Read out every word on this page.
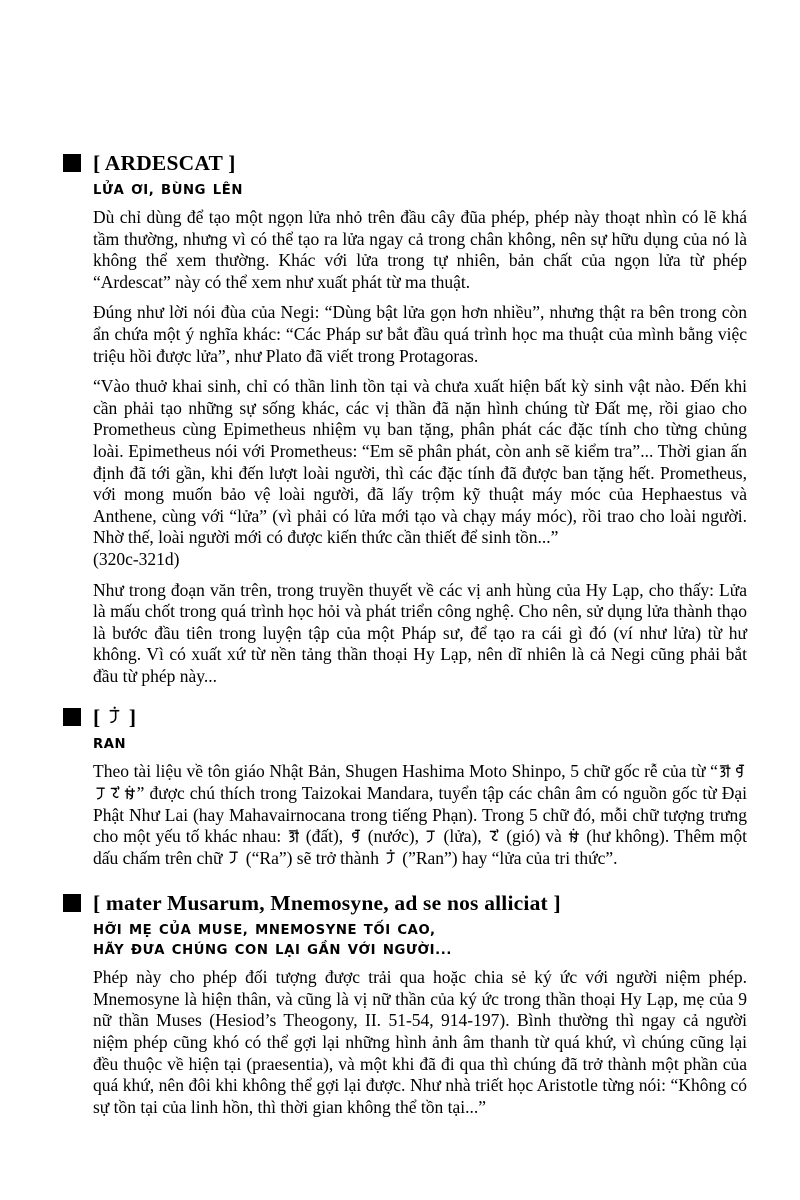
[ ARDESCAT ]
LỬA ƠI, BÙNG LÊN

Dù chỉ dùng để tạo một ngọn lửa nhỏ trên đầu cây đũa phép, phép này thoạt nhìn có lẽ khá tầm thường, nhưng vì có thể tạo ra lửa ngay cả trong chân không, nên sự hữu dụng của nó là không thể xem thường. Khác với lửa trong tự nhiên, bản chất của ngọn lửa từ phép “Ardescat” này có thể xem như xuất phát từ ma thuật.

Đúng như lời nói đùa của Negi: “Dùng bật lửa gọn hơn nhiều”, nhưng thật ra bên trong còn ẩn chứa một ý nghĩa khác: “Các Pháp sư bắt đầu quá trình học ma thuật của mình bằng việc triệu hồi được lửa”, như Plato đã viết trong Protagoras.

“Vào thuở khai sinh, chỉ có thần linh tồn tại và chưa xuất hiện bất kỳ sinh vật nào. Đến khi cần phải tạo những sự sống khác, các vị thần đã nặn hình chúng từ Đất mẹ, rồi giao cho Prometheus cùng Epimetheus nhiệm vụ ban tặng, phân phát các đặc tính cho từng chủng loài. Epimetheus nói với Prometheus: “Em sẽ phân phát, còn anh sẽ kiểm tra”... Thời gian ấn định đã tới gần, khi đến lượt loài người, thì các đặc tính đã được ban tặng hết. Prometheus, với mong muốn bảo vệ loài người, đã lấy trộm kỹ thuật máy móc của Hephaestus và Anthene, cùng với “lửa” (vì phải có lửa mới tạo và chạy máy móc), rồi trao cho loài người. Nhờ thế, loài người mới có được kiến thức cần thiết để sinh tồn...”

(320c-321d)

Như trong đoạn văn trên, trong truyền thuyết về các vị anh hùng của Hy Lạp, cho thấy: Lửa là mấu chốt trong quá trình học hỏi và phát triển công nghệ. Cho nên, sử dụng lửa thành thạo là bước đầu tiên trong luyện tập của một Pháp sư, để tạo ra cái gì đó (ví như lửa) từ hư không. Vì có xuất xứ từ nền tảng thần thoại Hy Lạp, nên dĩ nhiên là cả Negi cũng phải bắt đầu từ phép này...

[  ]
RAN

Theo tài liệu về tôn giáo Nhật Bản, Shugen Hashima Moto Shinpo, 5 chữ gốc rễ của từ “” được chú thích trong Taizokai Mandara, tuyển tập các chân âm có nguồn gốc từ Đại Phật Như Lai (hay Mahavairnocana trong tiếng Phạn). Trong 5 chữ đó, mỗi chữ tượng trưng cho một yếu tố khác nhau:  (đất),  (nước),  (lửa),  (gió) và  (hư không). Thêm một dấu chấm trên chữ  (“Ra”) sẽ trở thành  (”Ran”) hay “lửa của tri thức”.

[ mater Musarum, Mnemosyne, ad se nos alliciat ]
HỠI MẸ CỦA MUSE, MNEMOSYNE TỐI CAO,
HÃY ĐƯA CHÚNG CON LẠI GẦN VỚI NGƯỜI...

Phép này cho phép đối tượng được trải qua hoặc chia sẻ ký ức với người niệm phép. Mnemosyne là hiện thân, và cũng là vị nữ thần của ký ức trong thần thoại Hy Lạp, mẹ của 9 nữ thần Muses (Hesiod’s Theogony, II. 51-54, 914-197). Bình thường thì ngay cả người niệm phép cũng khó có thể gợi lại những hình ảnh âm thanh từ quá khứ, vì chúng cũng lại đều thuộc về hiện tại (praesentia), và một khi đã đi qua thì chúng đã trở thành một phần của quá khứ, nên đôi khi không thể gợi lại được. Như nhà triết học Aristotle từng nói: “Không có sự tồn tại của linh hồn, thì thời gian không thể tồn tại...”
